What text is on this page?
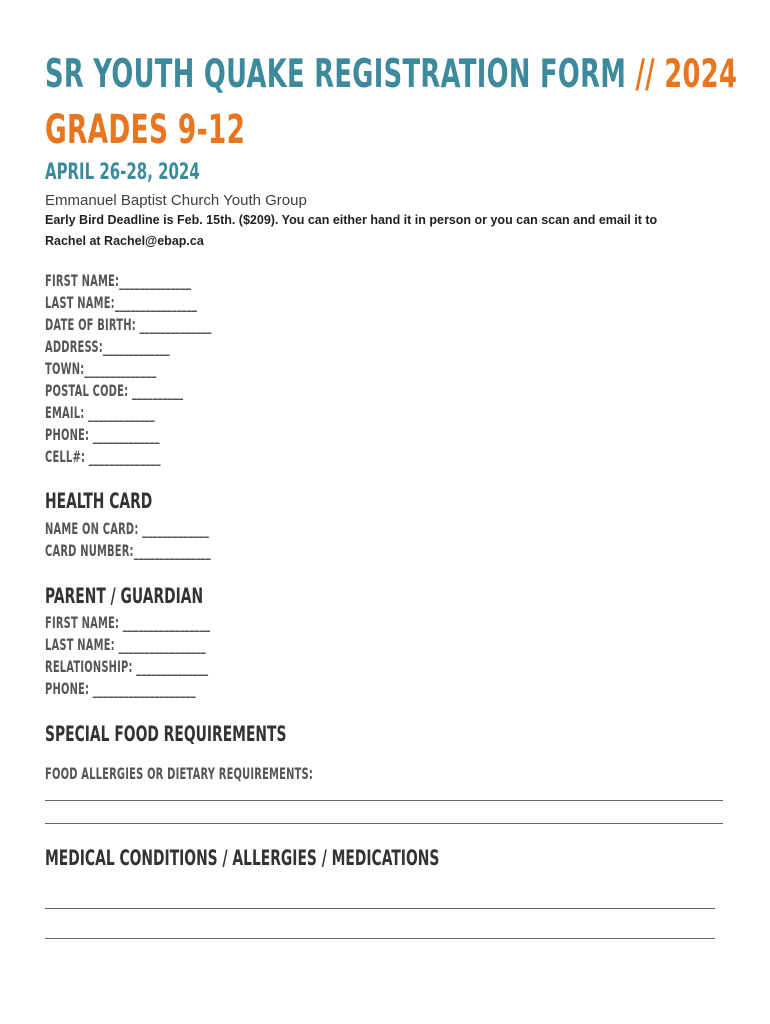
SR YOUTH QUAKE REGISTRATION FORM // 2024
GRADES 9-12
APRIL 26-28, 2024
Emmanuel Baptist Church Youth Group
Early Bird Deadline is Feb. 15th. ($209). You can either hand it in person or you can scan and email it to
Rachel at Rachel@ebap.ca
FIRST NAME:______________
LAST NAME:________________
DATE OF BIRTH: ______________
ADDRESS:_____________
TOWN:______________
POSTAL CODE: __________
EMAIL: _____________
PHONE: _____________
CELL#: ______________
HEALTH CARD
NAME ON CARD: _____________
CARD NUMBER:_______________
PARENT / GUARDIAN
FIRST NAME: _________________
LAST NAME: _________________
RELATIONSHIP: ______________
PHONE: ____________________
SPECIAL FOOD REQUIREMENTS
FOOD ALLERGIES OR DIETARY REQUIREMENTS:
MEDICAL CONDITIONS / ALLERGIES / MEDICATIONS
